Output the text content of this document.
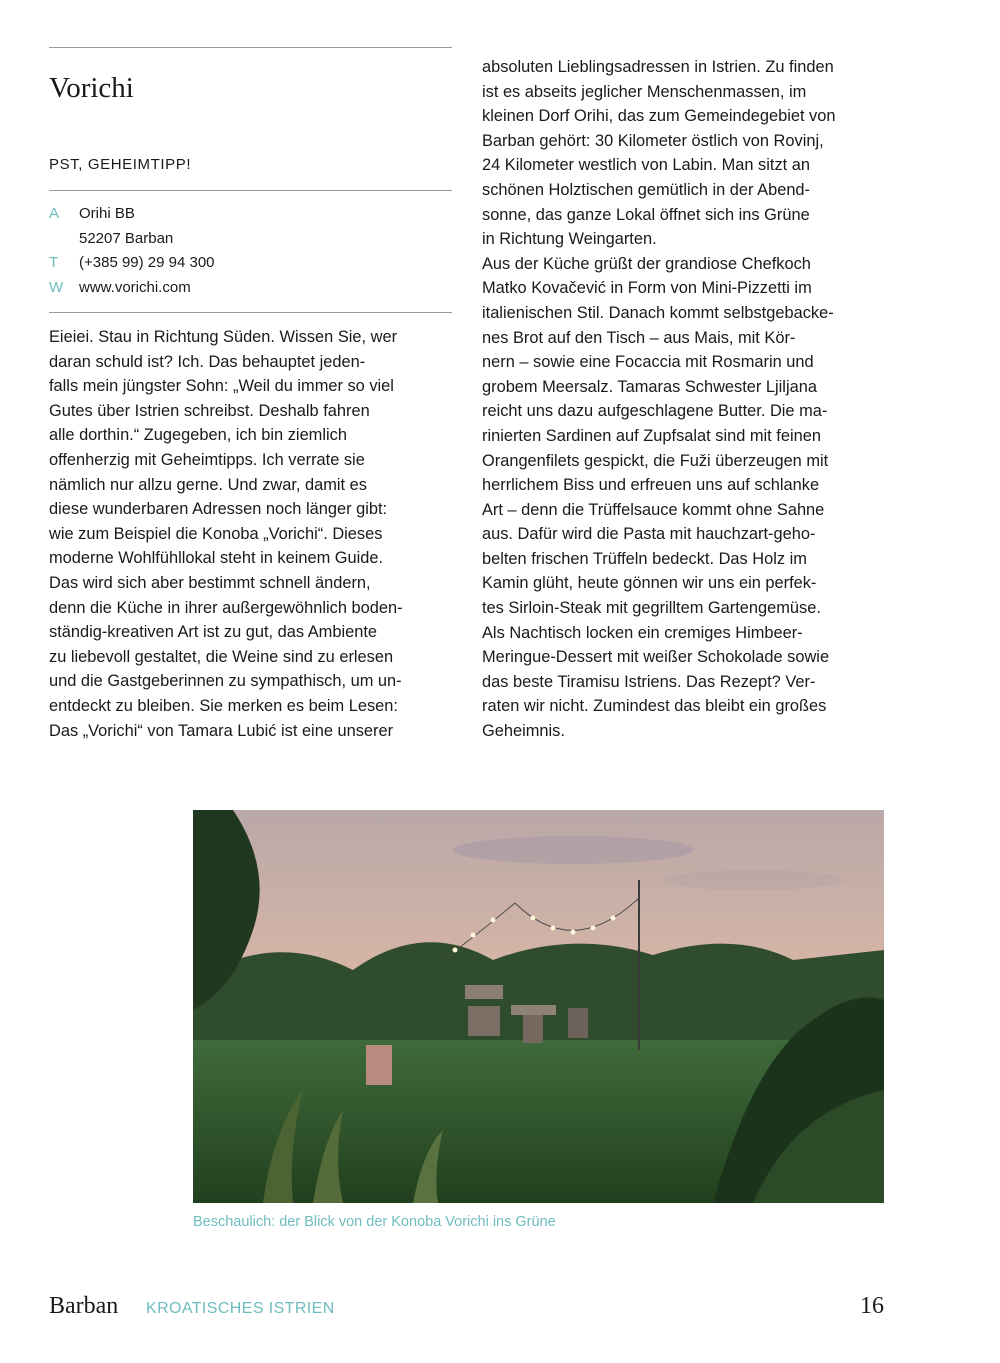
Vorichi
PST, GEHEIMTIPP!
A	Orihi BB
52207 Barban
T	(+385 99) 29 94 300
W	www.vorichi.com
Eieiei. Stau in Richtung Süden. Wissen Sie, wer
daran schuld ist? Ich. Das behauptet jeden-
falls mein jüngster Sohn: „Weil du immer so viel
Gutes über Istrien schreibst. Deshalb fahren
alle dorthin.“ Zugegeben, ich bin ziemlich
offenherzig mit Geheimtipps. Ich verrate sie
nämlich nur allzu gerne. Und zwar, damit es
diese wunderbaren Adressen noch länger gibt:
wie zum Beispiel die Konoba „Vorichi“. Dieses
moderne Wohlfühllokal steht in keinem Guide.
Das wird sich aber bestimmt schnell ändern,
denn die Küche in ihrer außergewöhnlich boden-
ständig-kreativen Art ist zu gut, das Ambiente
zu liebevoll gestaltet, die Weine sind zu erlesen
und die Gastgeberinnen zu sympathisch, um un-
entdeckt zu bleiben. Sie merken es beim Lesen:
Das „Vorichi“ von Tamara Lubić ist eine unserer
absoluten Lieblingsadressen in Istrien. Zu finden
ist es abseits jeglicher Menschenmassen, im
kleinen Dorf Orihi, das zum Gemeindegebiet von
Barban gehört: 30 Kilometer östlich von Rovinj,
24 Kilometer westlich von Labin. Man sitzt an
schönen Holztischen gemütlich in der Abend-
sonne, das ganze Lokal öffnet sich ins Grüne
in Richtung Weingarten.
Aus der Küche grüßt der grandiose Chefkoch
Matko Kovačević in Form von Mini-Pizzetti im
italienischen Stil. Danach kommt selbstgebacke-
nes Brot auf den Tisch – aus Mais, mit Kör-
nern – sowie eine Focaccia mit Rosmarin und
grobem Meersalz. Tamaras Schwester Ljiljana
reicht uns dazu aufgeschlagene Butter. Die ma-
rinierten Sardinen auf Zupfsalat sind mit feinen
Orangenfilets gespickt, die Fuži überzeugen mit
herrlichem Biss und erfreuen uns auf schlanke
Art – denn die Trüffelsauce kommt ohne Sahne
aus. Dafür wird die Pasta mit hauchzart-geho-
belten frischen Trüffeln bedeckt. Das Holz im
Kamin glüht, heute gönnen wir uns ein perfek-
tes Sirloin-Steak mit gegrilltem Gartengemüse.
Als Nachtisch locken ein cremiges Himbeer-
Meringue-Dessert mit weißer Schokolade sowie
das beste Tiramisu Istriens. Das Rezept? Ver-
raten wir nicht. Zumindest das bleibt ein großes
Geheimnis.
Beschaulich: der Blick von der Konoba Vorichi ins Grüne
Barban KROATISCHES ISTRIEN	16
